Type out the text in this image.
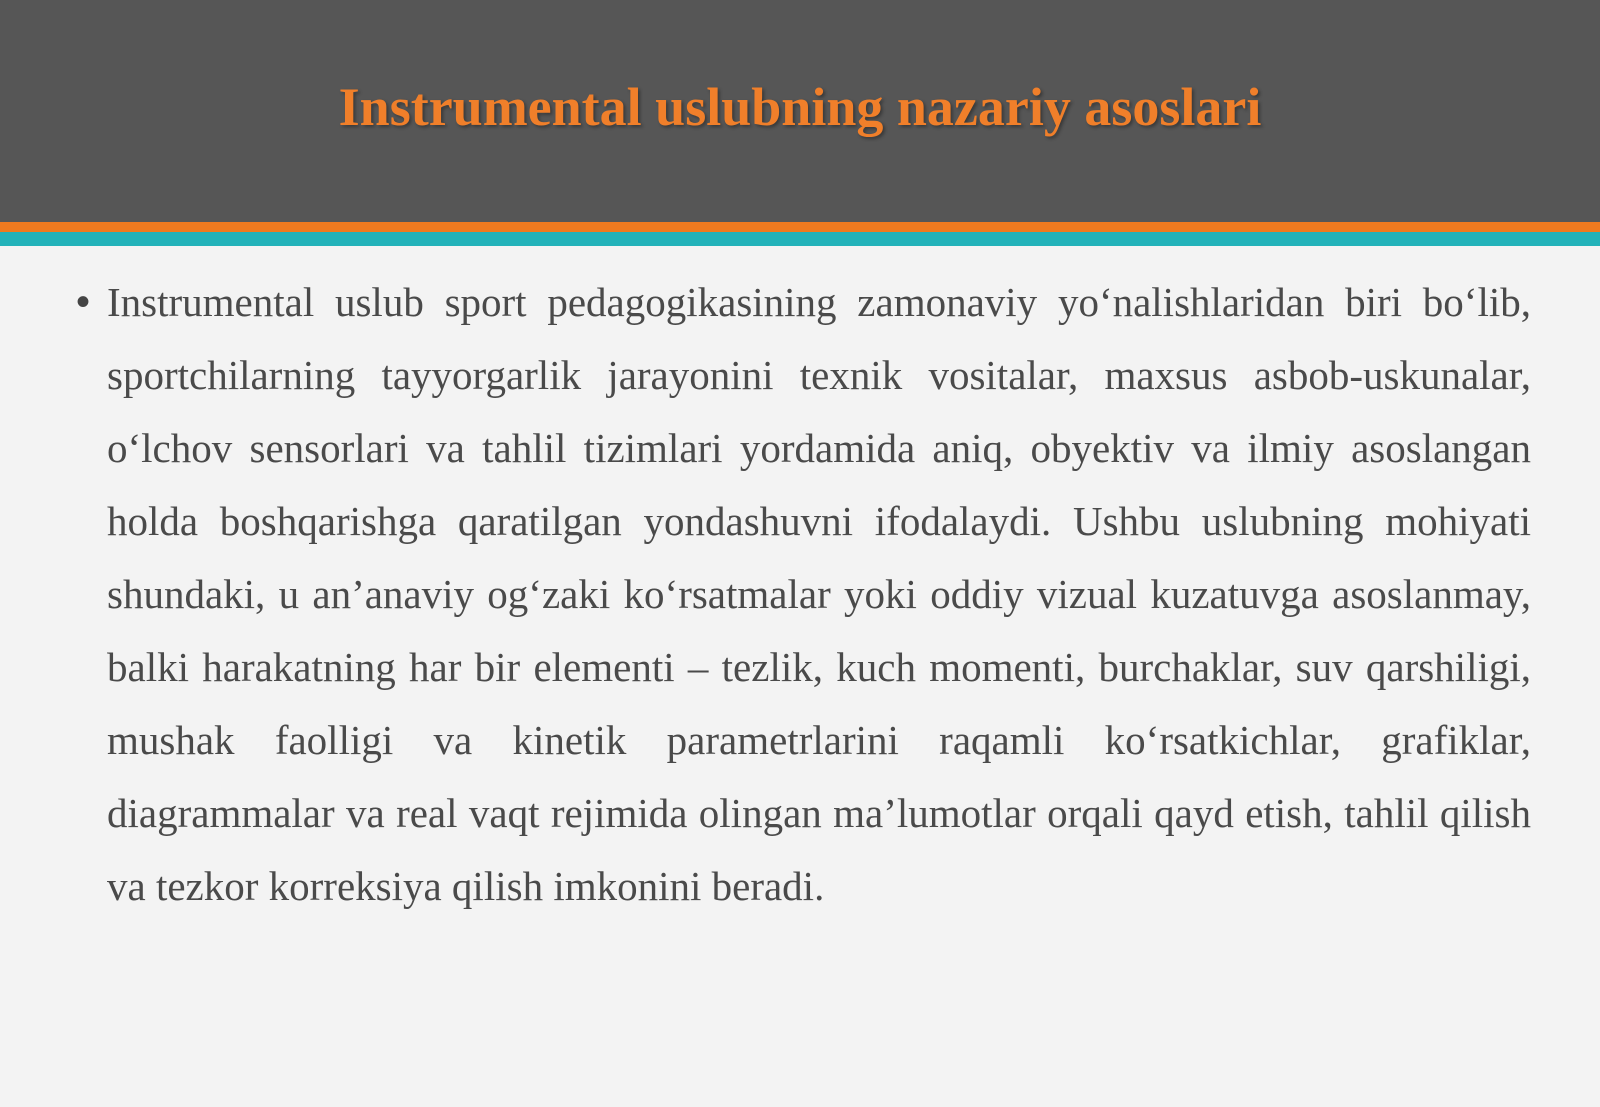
Instrumental uslubning nazariy asoslari
• Instrumental uslub sport pedagogikasining zamonaviy yo‘nalishlaridan biri bo‘lib, sportchilarning tayyorgarlik jarayonini texnik vositalar, maxsus asbob-uskunalar, o‘lchov sensorlari va tahlil tizimlari yordamida aniq, obyektiv va ilmiy asoslangan holda boshqarishga qaratilgan yondashuvni ifodalaydi. Ushbu uslubning mohiyati shundaki, u an’anaviy og‘zaki ko‘rsatmalar yoki oddiy vizual kuzatuvga asoslanmay, balki harakatning har bir elementi – tezlik, kuch momenti, burchaklar, suv qarshiligi, mushak faolligi va kinetik parametrlarini raqamli ko‘rsatkichlar, grafiklar, diagrammalar va real vaqt rejimida olingan ma’lumotlar orqali qayd etish, tahlil qilish va tezkor korreksiya qilish imkonini beradi.
